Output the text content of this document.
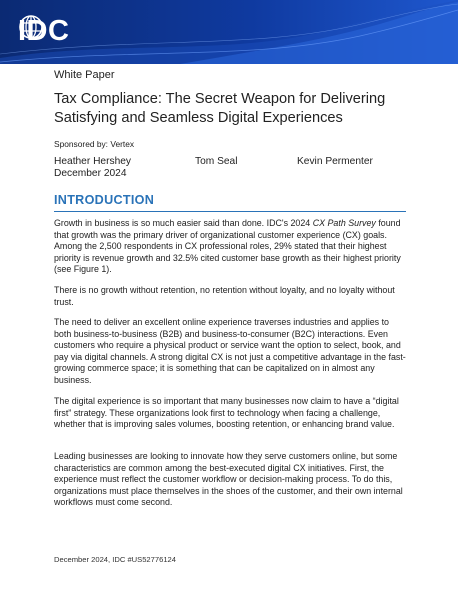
IDC
White Paper
Tax Compliance: The Secret Weapon for Delivering Satisfying and Seamless Digital Experiences
Sponsored by: Vertex
Heather Hershey
December 2024
Tom Seal	Kevin Permenter
INTRODUCTION

Growth in business is so much easier said than done. IDC's 2024 CX Path Survey found that growth was the primary driver of organizational customer experience (CX) goals. Among the 2,500 respondents in CX professional roles, 29% stated that their highest priority is revenue growth and 32.5% cited customer base growth as their highest priority (see Figure 1).

There is no growth without retention, no retention without loyalty, and no loyalty without trust.

The need to deliver an excellent online experience traverses industries and applies to both business-to-business (B2B) and business-to-consumer (B2C) interactions. Even customers who require a physical product or service want the option to select, book, and pay via digital channels. A strong digital CX is not just a competitive advantage in the fast-growing commerce space; it is something that can be capitalized on in almost any business.

The digital experience is so important that many businesses now claim to have a “digital first” strategy. These organizations look first to technology when facing a challenge, whether that is improving sales volumes, boosting retention, or enhancing brand value.

Leading businesses are looking to innovate how they serve customers online, but some characteristics are common among the best-executed digital CX initiatives. First, the experience must reflect the customer workflow or decision-making process. To do this, organizations must place themselves in the shoes of the customer, and their own internal workflows must come second.

December 2024, IDC #US52776124
